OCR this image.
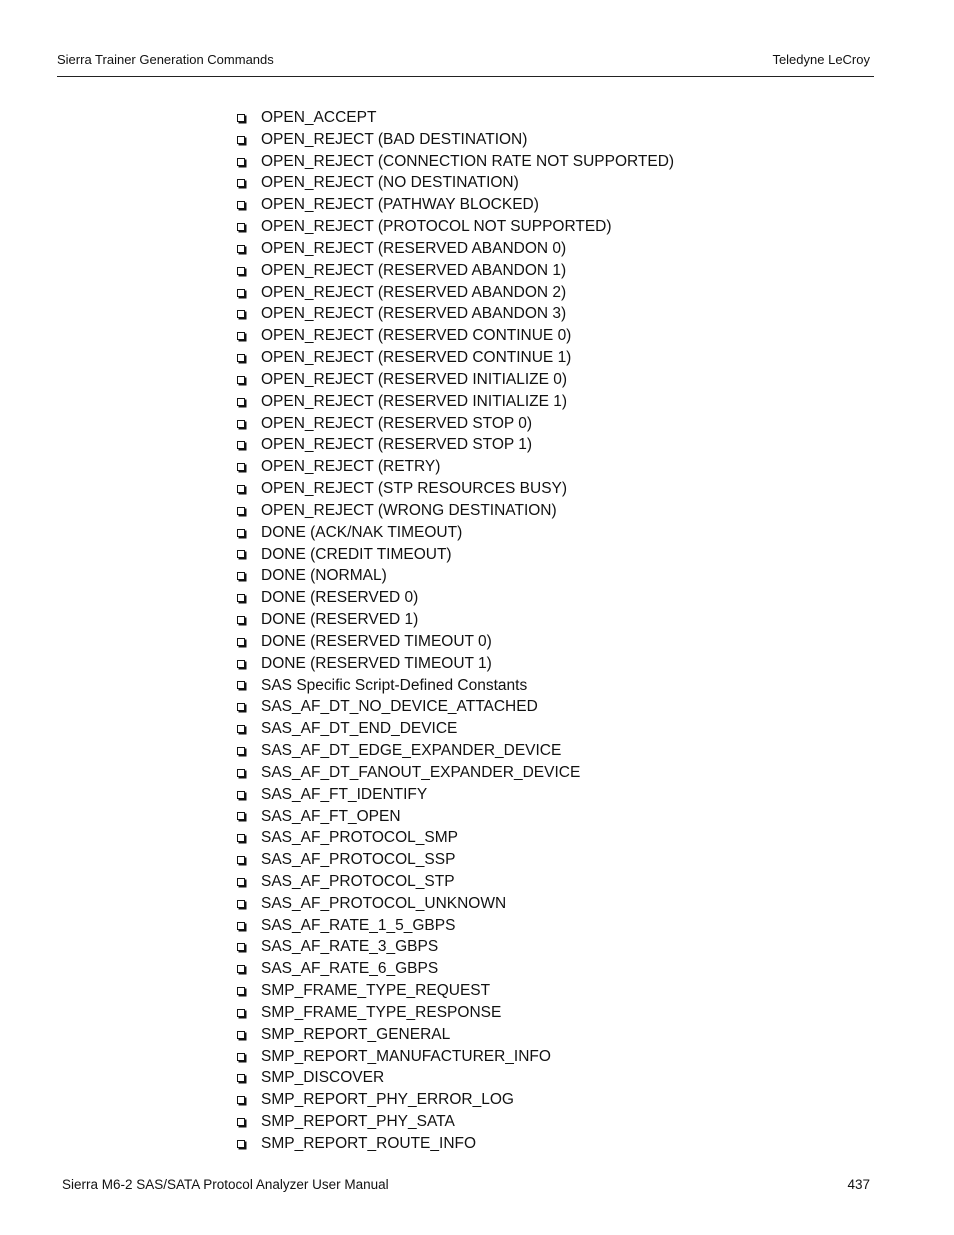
Sierra Trainer Generation Commands	Teledyne LeCroy
OPEN_ACCEPT
OPEN_REJECT (BAD DESTINATION)
OPEN_REJECT (CONNECTION RATE NOT SUPPORTED)
OPEN_REJECT (NO DESTINATION)
OPEN_REJECT (PATHWAY BLOCKED)
OPEN_REJECT (PROTOCOL NOT SUPPORTED)
OPEN_REJECT (RESERVED ABANDON 0)
OPEN_REJECT (RESERVED ABANDON 1)
OPEN_REJECT (RESERVED ABANDON 2)
OPEN_REJECT (RESERVED ABANDON 3)
OPEN_REJECT (RESERVED CONTINUE 0)
OPEN_REJECT (RESERVED CONTINUE 1)
OPEN_REJECT (RESERVED INITIALIZE 0)
OPEN_REJECT (RESERVED INITIALIZE 1)
OPEN_REJECT (RESERVED STOP 0)
OPEN_REJECT (RESERVED STOP 1)
OPEN_REJECT (RETRY)
OPEN_REJECT (STP RESOURCES BUSY)
OPEN_REJECT (WRONG DESTINATION)
DONE (ACK/NAK TIMEOUT)
DONE (CREDIT TIMEOUT)
DONE (NORMAL)
DONE (RESERVED 0)
DONE (RESERVED 1)
DONE (RESERVED TIMEOUT 0)
DONE (RESERVED TIMEOUT 1)
SAS Specific Script-Defined Constants
SAS_AF_DT_NO_DEVICE_ATTACHED
SAS_AF_DT_END_DEVICE
SAS_AF_DT_EDGE_EXPANDER_DEVICE
SAS_AF_DT_FANOUT_EXPANDER_DEVICE
SAS_AF_FT_IDENTIFY
SAS_AF_FT_OPEN
SAS_AF_PROTOCOL_SMP
SAS_AF_PROTOCOL_SSP
SAS_AF_PROTOCOL_STP
SAS_AF_PROTOCOL_UNKNOWN
SAS_AF_RATE_1_5_GBPS
SAS_AF_RATE_3_GBPS
SAS_AF_RATE_6_GBPS
SMP_FRAME_TYPE_REQUEST
SMP_FRAME_TYPE_RESPONSE
SMP_REPORT_GENERAL
SMP_REPORT_MANUFACTURER_INFO
SMP_DISCOVER
SMP_REPORT_PHY_ERROR_LOG
SMP_REPORT_PHY_SATA
SMP_REPORT_ROUTE_INFO
Sierra M6-2 SAS/SATA Protocol Analyzer User Manual	437
